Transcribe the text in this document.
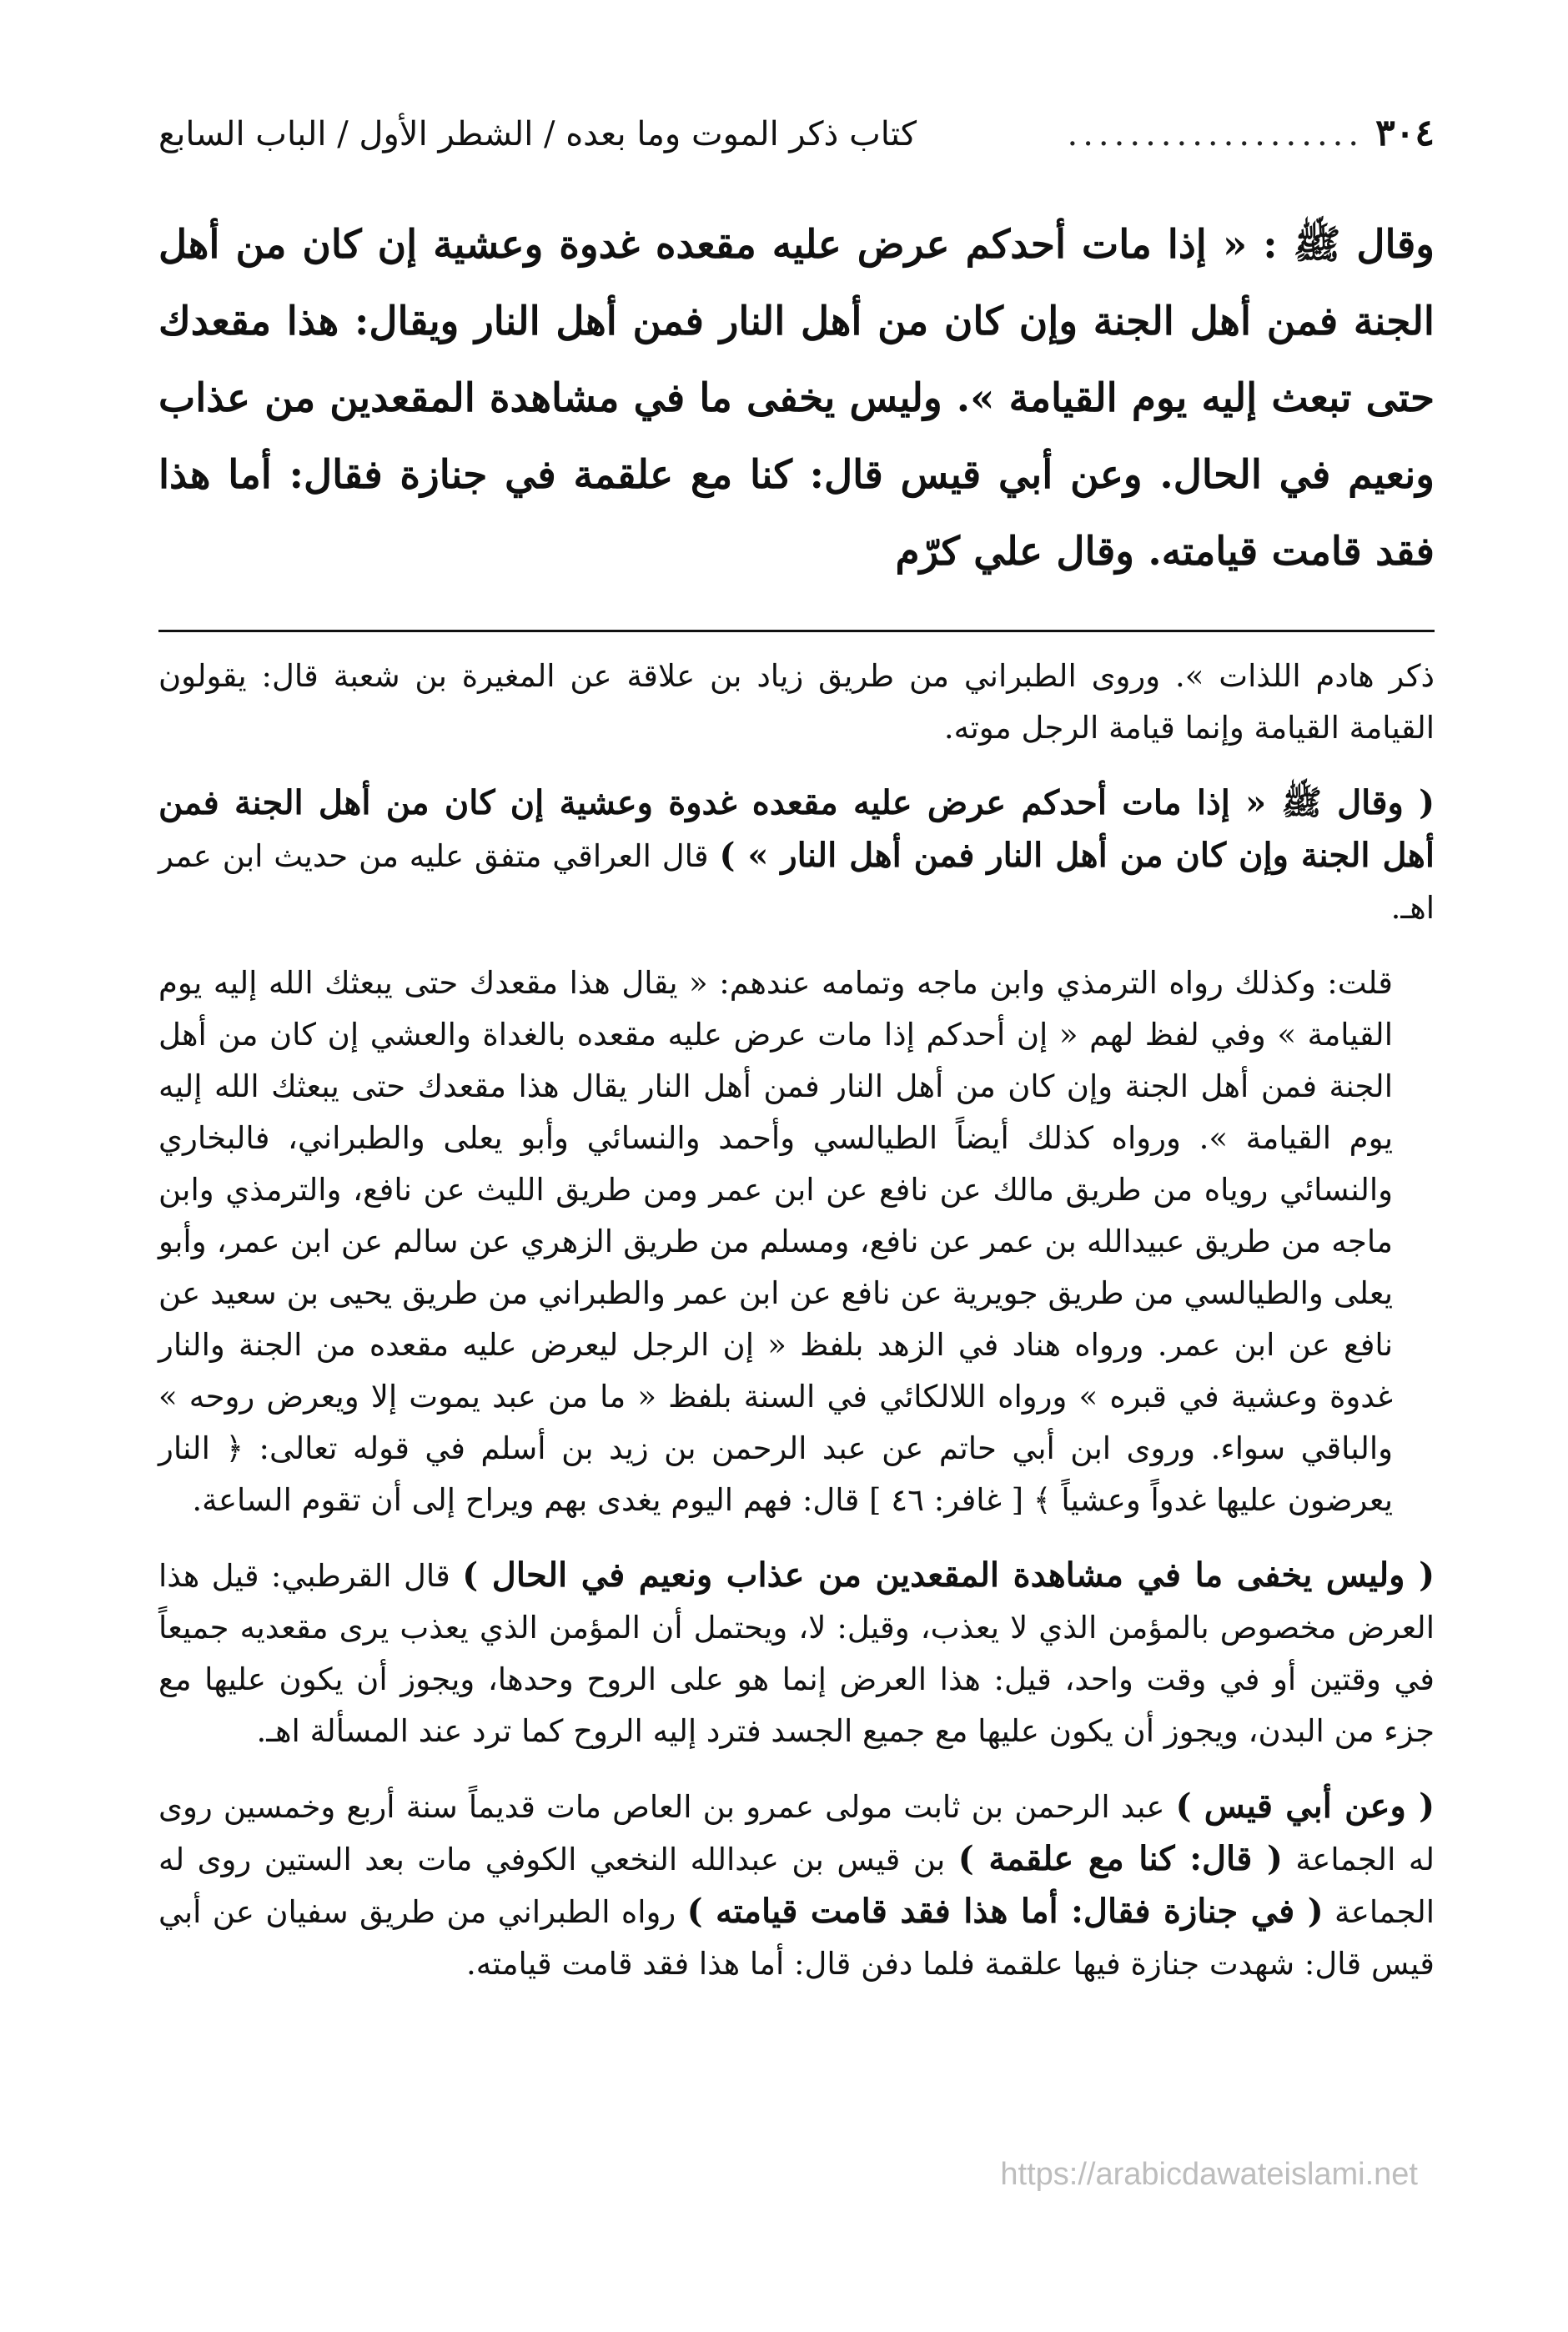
٣٠٤
...................
كتاب ذكر الموت وما بعده / الشطر الأول / الباب السابع

وقال ﷺ : « إذا مات أحدكم عرض عليه مقعده غدوة وعشية إن كان من أهل الجنة فمن أهل الجنة وإن كان من أهل النار فمن أهل النار ويقال: هذا مقعدك حتى تبعث إليه يوم القيامة ». وليس يخفى ما في مشاهدة المقعدين من عذاب ونعيم في الحال. وعن أبي قيس قال: كنا مع علقمة في جنازة فقال: أما هذا فقد قامت قيامته. وقال علي كرّم

ذكر هادم اللذات ». وروى الطبراني من طريق زياد بن علاقة عن المغيرة بن شعبة قال: يقولون القيامة القيامة وإنما قيامة الرجل موته.

( وقال ﷺ « إذا مات أحدكم عرض عليه مقعده غدوة وعشية إن كان من أهل الجنة فمن أهل الجنة وإن كان من أهل النار فمن أهل النار » ) قال العراقي متفق عليه من حديث ابن عمر اهـ.

قلت: وكذلك رواه الترمذي وابن ماجه وتمامه عندهم: « يقال هذا مقعدك حتى يبعثك الله إليه يوم القيامة » وفي لفظ لهم « إن أحدكم إذا مات عرض عليه مقعده بالغداة والعشي إن كان من أهل الجنة فمن أهل الجنة وإن كان من أهل النار فمن أهل النار يقال هذا مقعدك حتى يبعثك الله إليه يوم القيامة ». ورواه كذلك أيضاً الطيالسي وأحمد والنسائي وأبو يعلى والطبراني، فالبخاري والنسائي روياه من طريق مالك عن نافع عن ابن عمر ومن طريق الليث عن نافع، والترمذي وابن ماجه من طريق عبيدالله بن عمر عن نافع، ومسلم من طريق الزهري عن سالم عن ابن عمر، وأبو يعلى والطيالسي من طريق جويرية عن نافع عن ابن عمر والطبراني من طريق يحيى بن سعيد عن نافع عن ابن عمر. ورواه هناد في الزهد بلفظ « إن الرجل ليعرض عليه مقعده من الجنة والنار غدوة وعشية في قبره » ورواه اللالكائي في السنة بلفظ « ما من عبد يموت إلا ويعرض روحه » والباقي سواء. وروى ابن أبي حاتم عن عبد الرحمن بن زيد بن أسلم في قوله تعالى: ﴿ النار يعرضون عليها غدواً وعشياً ﴾ [ غافر: ٤٦ ] قال: فهم اليوم يغدى بهم ويراح إلى أن تقوم الساعة.

( وليس يخفى ما في مشاهدة المقعدين من عذاب ونعيم في الحال ) قال القرطبي: قيل هذا العرض مخصوص بالمؤمن الذي لا يعذب، وقيل: لا، ويحتمل أن المؤمن الذي يعذب يرى مقعديه جميعاً في وقتين أو في وقت واحد، قيل: هذا العرض إنما هو على الروح وحدها، ويجوز أن يكون عليها مع جزء من البدن، ويجوز أن يكون عليها مع جميع الجسد فترد إليه الروح كما ترد عند المسألة اهـ.

( وعن أبي قيس ) عبد الرحمن بن ثابت مولى عمرو بن العاص مات قديماً سنة أربع وخمسين روى له الجماعة ( قال: كنا مع علقمة ) بن قيس بن عبدالله النخعي الكوفي مات بعد الستين روى له الجماعة ( في جنازة فقال: أما هذا فقد قامت قيامته ) رواه الطبراني من طريق سفيان عن أبي قيس قال: شهدت جنازة فيها علقمة فلما دفن قال: أما هذا فقد قامت قيامته.

https://arabicdawateislami.net
